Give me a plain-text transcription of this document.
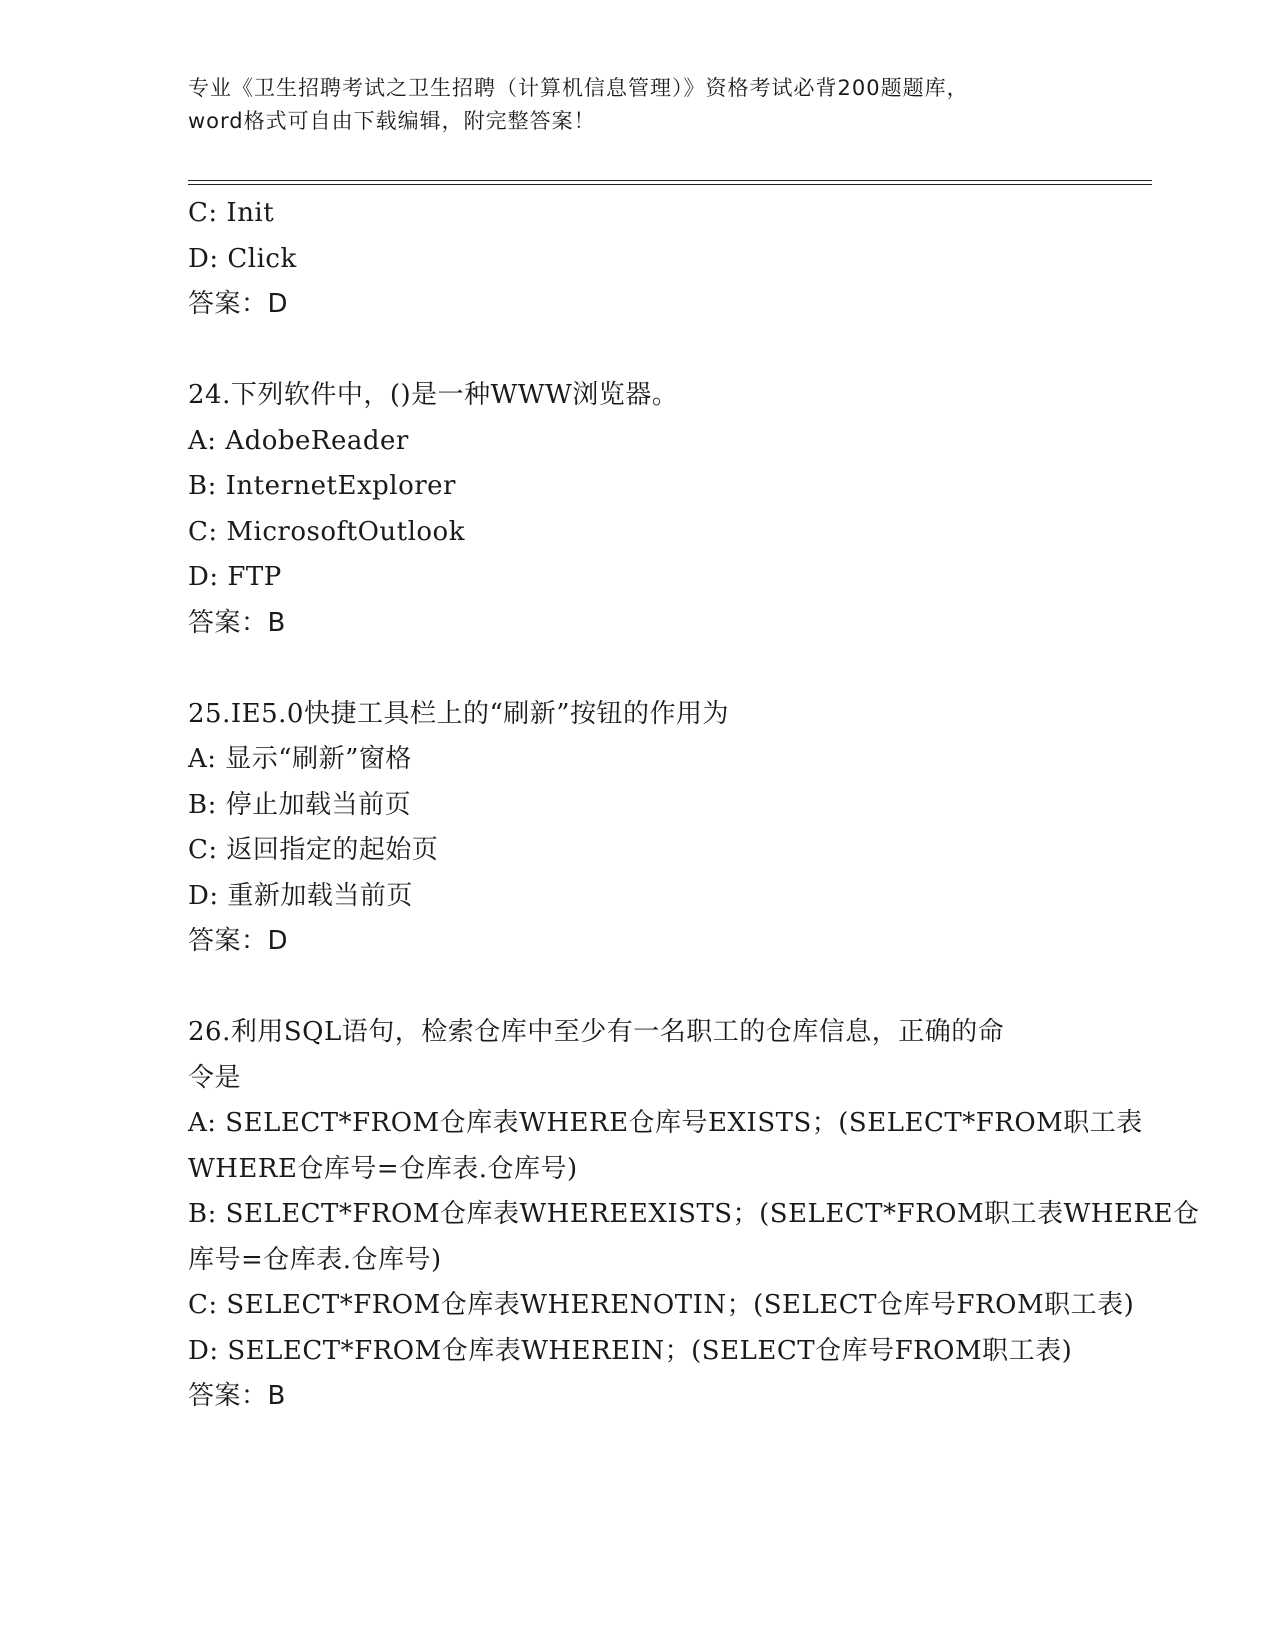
专业《卫生招聘考试之卫生招聘（计算机信息管理）》资格考试必背200题题库，
word格式可自由下载编辑，附完整答案！
C: Init
D: Click
答案：D
24.下列软件中，()是一种WWW浏览器。
A: AdobeReader
B: InternetExplorer
C: MicrosoftOutlook
D: FTP
答案：B
25.IE5.0快捷工具栏上的“刷新”按钮的作用为
A: 显示“刷新”窗格
B: 停止加载当前页
C: 返回指定的起始页
D: 重新加载当前页
答案：D
26.利用SQL语句，检索仓库中至少有一名职工的仓库信息，正确的命
令是
A: SELECT*FROM仓库表WHERE仓库号EXISTS；(SELECT*FROM职工表
WHERE仓库号=仓库表.仓库号)
B: SELECT*FROM仓库表WHEREEXISTS；(SELECT*FROM职工表WHERE仓
库号=仓库表.仓库号)
C: SELECT*FROM仓库表WHERENOTIN；(SELECT仓库号FROM职工表)
D: SELECT*FROM仓库表WHEREIN；(SELECT仓库号FROM职工表)
答案：B
